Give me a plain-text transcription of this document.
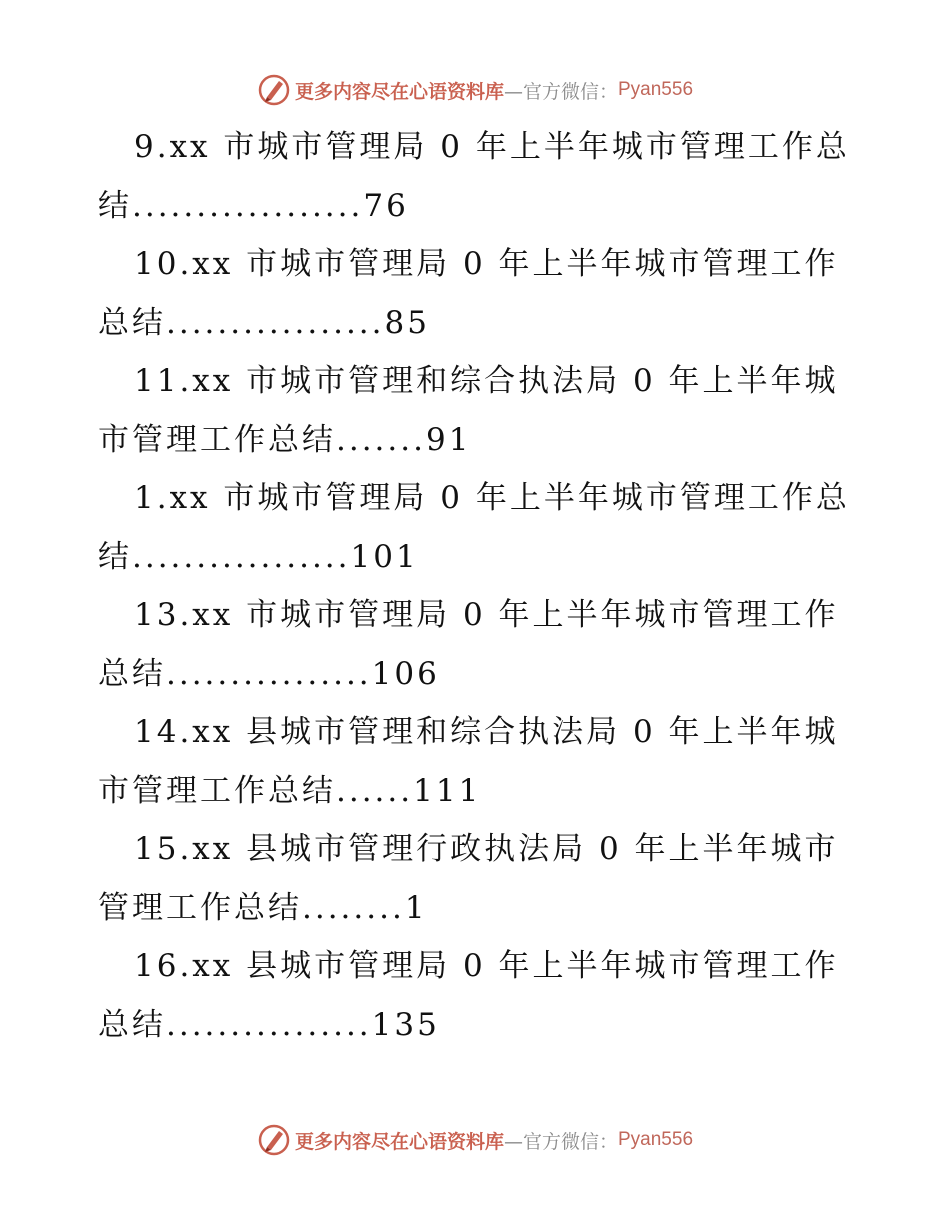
更多内容尽在心语资料库 —官方微信： Pyan556
9.xx 市城市管理局 0 年上半年城市管理工作总
结..................76
10.xx 市城市管理局 0 年上半年城市管理工作
总结.................85
11.xx 市城市管理和综合执法局 0 年上半年城
市管理工作总结.......91
1.xx 市城市管理局 0 年上半年城市管理工作总
结.................101
13.xx 市城市管理局 0 年上半年城市管理工作
总结................106
14.xx 县城市管理和综合执法局 0 年上半年城
市管理工作总结......111
15.xx 县城市管理行政执法局 0 年上半年城市
管理工作总结........1
16.xx 县城市管理局 0 年上半年城市管理工作
总结................135
更多内容尽在心语资料库 —官方微信： Pyan556
